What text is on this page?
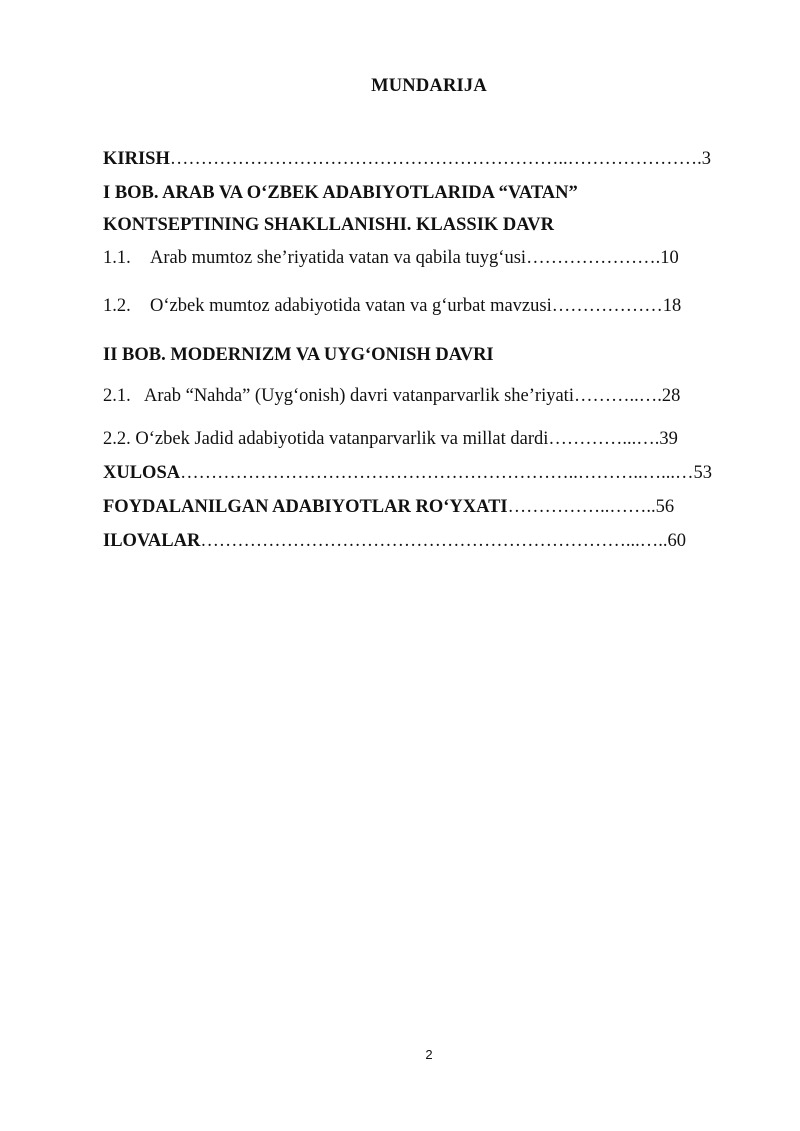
MUNDARIJA
KIRISH………………………………………………………..………………….3
I BOB. ARAB VA O‘ZBEK ADABIYOTLARIDA “VATAN”
KONTSEPTINING SHAKLLANISHI. KLASSIK DAVR
1.1. Arab mumtoz she’riyatida vatan va qabila tuyg‘usi………………….10
1.2. O‘zbek mumtoz adabiyotida vatan va g‘urbat mavzusi………………18
II BOB. MODERNIZM VA UYG‘ONISH DAVRI
2.1. Arab “Nahda” (Uyg‘onish) davri vatanparvarlik she’riyati………..….28
2.2. O‘zbek Jadid adabiyotida vatanparvarlik va millat dardi…………...….39
XULOSA………………………………………………………..………..…...…53
FOYDALANILGAN ADABIYOTLAR RO‘YXATI……………..……..56
ILOVALAR……………………………………………………………...…..60
2
